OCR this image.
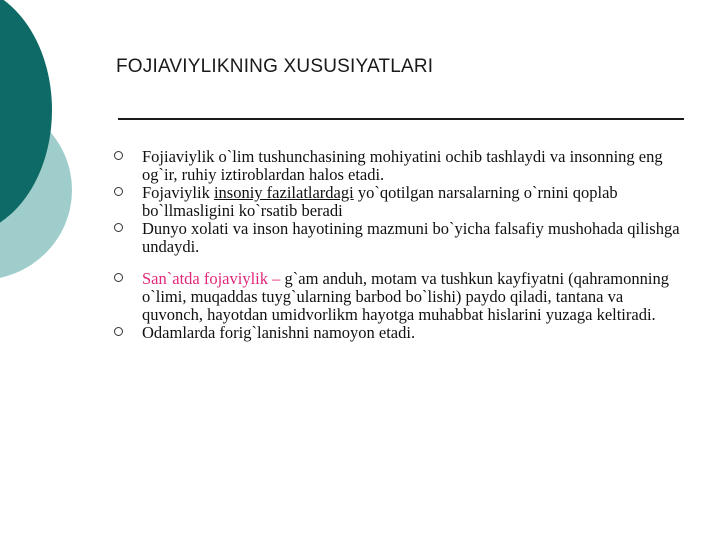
FOJIAVIYLIKNING XUSUSIYATLARI
Fojiaviylik o`lim tushunchasining mohiyatini ochib tashlaydi va insonning eng og`ir, ruhiy iztiroblardan halos etadi.
Fojaviylik insoniy fazilatlardagi yo`qotilgan narsalarning o`rnini qoplab bo`llmasligini ko`rsatib beradi
Dunyo xolati va inson hayotining mazmuni bo`yicha falsafiy mushohada qilishga undaydi.
San`atda fojaviylik – g`am anduh, motam va tushkun kayfiyatni (qahramonning o`limi, muqaddas tuyg`ularning barbod bo`lishi) paydo qiladi, tantana va quvonch, hayotdan umidvorlikm hayotga muhabbat hislarini yuzaga keltiradi.
Odamlarda forig`lanishni namoyon etadi.
